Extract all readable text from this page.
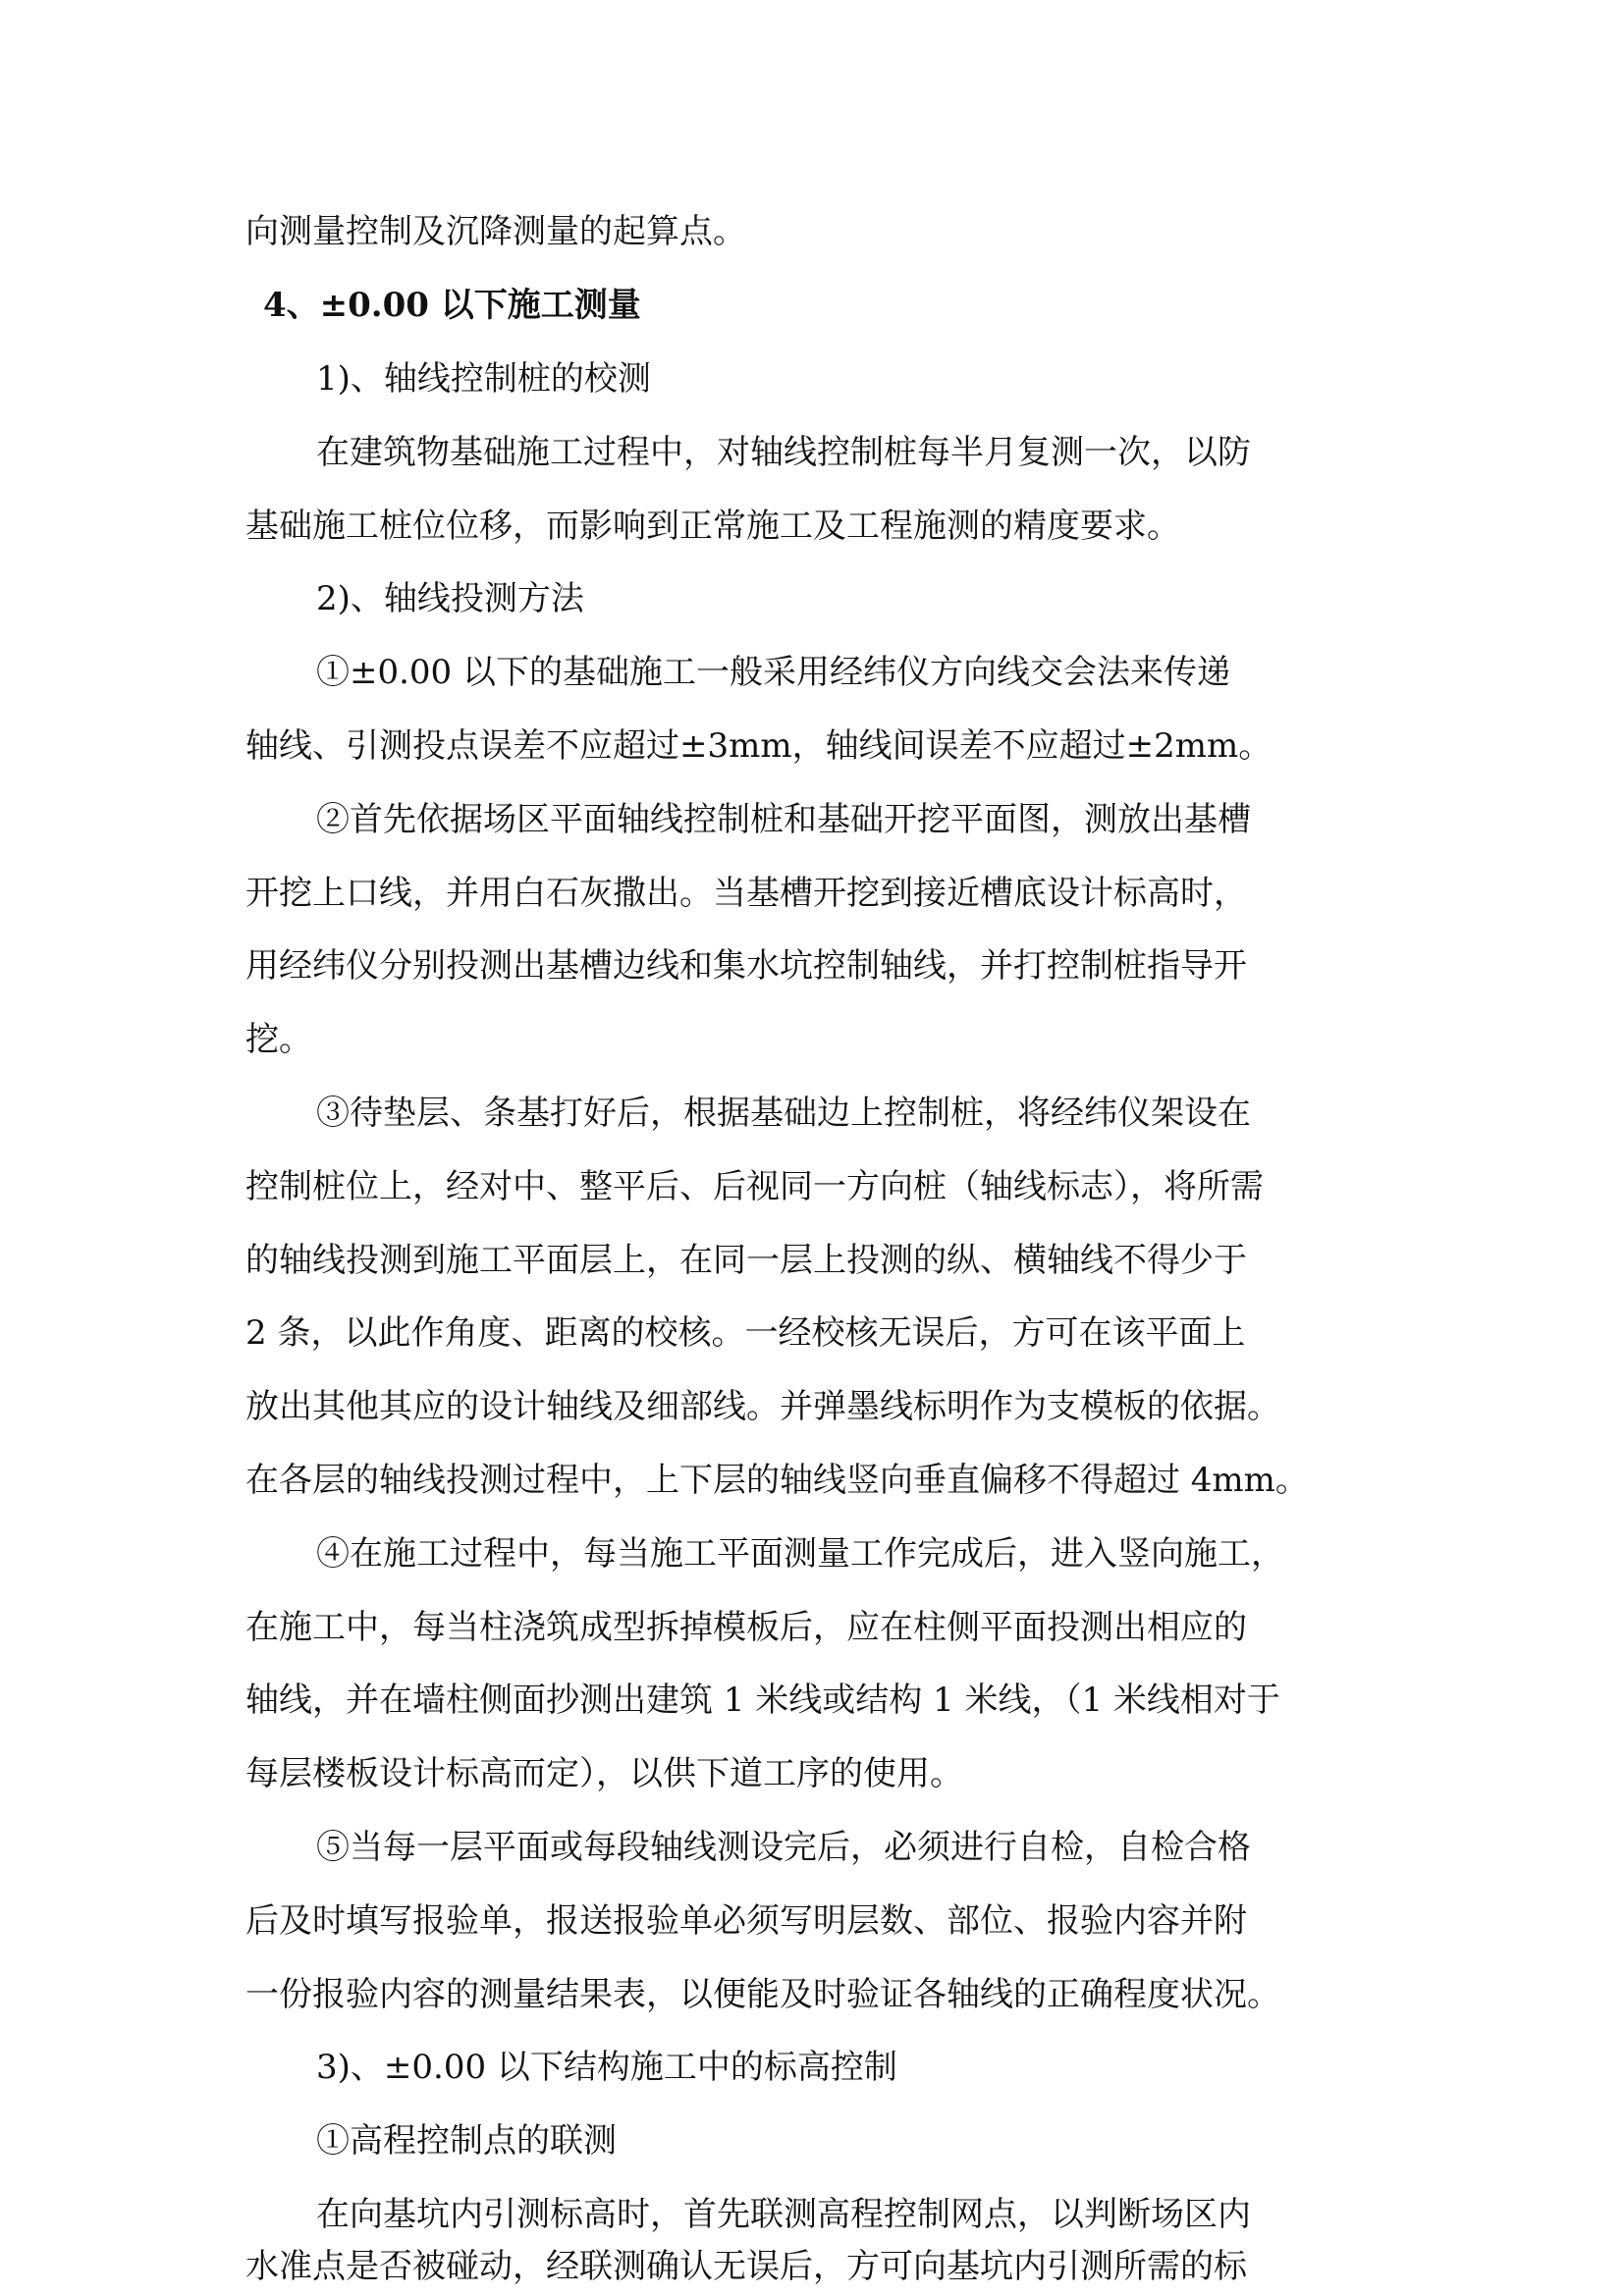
向测量控制及沉降测量的起算点。
4、±0.00 以下施工测量
1)、轴线控制桩的校测
在建筑物基础施工过程中，对轴线控制桩每半月复测一次，以防
基础施工桩位位移，而影响到正常施工及工程施测的精度要求。
2)、轴线投测方法
①±0.00 以下的基础施工一般采用经纬仪方向线交会法来传递
轴线、引测投点误差不应超过±3mm，轴线间误差不应超过±2mm。
②首先依据场区平面轴线控制桩和基础开挖平面图，测放出基槽
开挖上口线，并用白石灰撒出。当基槽开挖到接近槽底设计标高时，
用经纬仪分别投测出基槽边线和集水坑控制轴线，并打控制桩指导开
挖。
③待垫层、条基打好后，根据基础边上控制桩，将经纬仪架设在
控制桩位上，经对中、整平后、后视同一方向桩（轴线标志），将所需
的轴线投测到施工平面层上，在同一层上投测的纵、横轴线不得少于
2 条，以此作角度、距离的校核。一经校核无误后，方可在该平面上
放出其他其应的设计轴线及细部线。并弹墨线标明作为支模板的依据。
在各层的轴线投测过程中，上下层的轴线竖向垂直偏移不得超过 4mm。
④在施工过程中，每当施工平面测量工作完成后，进入竖向施工，
在施工中，每当柱浇筑成型拆掉模板后，应在柱侧平面投测出相应的
轴线，并在墙柱侧面抄测出建筑 1 米线或结构 1 米线，（1 米线相对于
每层楼板设计标高而定），以供下道工序的使用。
⑤当每一层平面或每段轴线测设完后，必须进行自检，自检合格
后及时填写报验单，报送报验单必须写明层数、部位、报验内容并附
一份报验内容的测量结果表，以便能及时验证各轴线的正确程度状况。
3)、±0.00 以下结构施工中的标高控制
①高程控制点的联测
在向基坑内引测标高时，首先联测高程控制网点，以判断场区内
水准点是否被碰动，经联测确认无误后，方可向基坑内引测所需的标
